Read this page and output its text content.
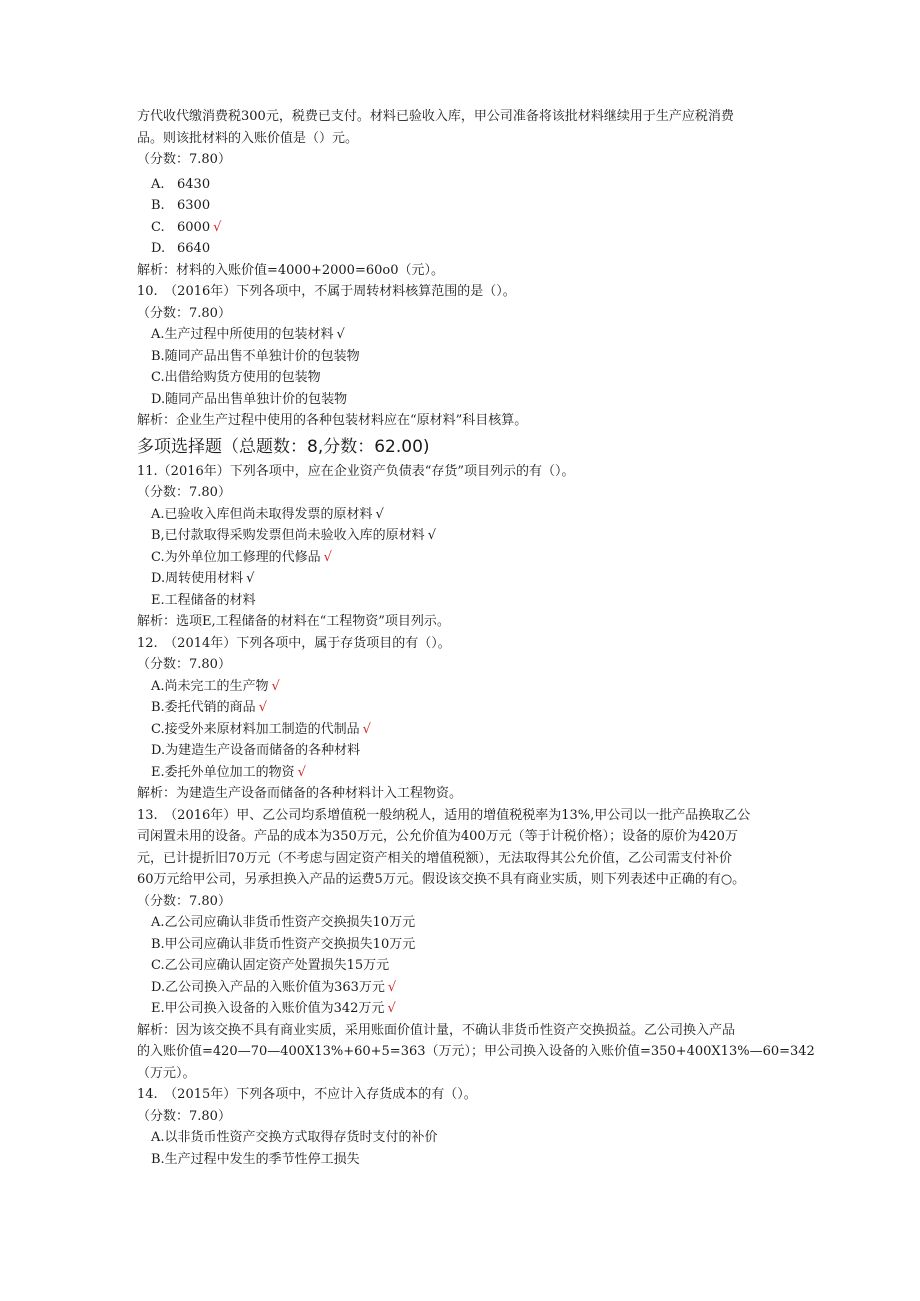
方代收代缴消费税300元，税费已支付。材料已验收入库，甲公司准备将该批材料继续用于生产应税消费
品。则该批材料的入账价值是（）元。
（分数：7.80）
A. 6430
B. 6300
C. 6000 √
D. 6640
解析：材料的入账价值=4000+2000=60o0（元）。
10.　（2016年）下列各项中，不属于周转材料核算范围的是（）。
（分数：7.80）
A.生产过程中所使用的包装材料 √
B.随同产品出售不单独计价的包装物
C.出借给购货方使用的包装物
D.随同产品出售单独计价的包装物
解析：企业生产过程中使用的各种包装材料应在“原材料”科目核算。
多项选择题（总题数：8,分数：62.00)
11.（2016年）下列各项中，应在企业资产负债表“存货”项目列示的有（）。
（分数：7.80）
A.已验收入库但尚未取得发票的原材料 √
B,已付款取得采购发票但尚未验收入库的原材料 √
C.为外单位加工修理的代修品 √
D.周转使用材料 √
E.工程储备的材料
解析：选项E,工程储备的材料在“工程物资”项目列示。
12.　（2014年）下列各项中，属于存货项目的有（）。
（分数：7.80）
A.尚未完工的生产物 √
B.委托代销的商品 √
C.接受外来原材料加工制造的代制品 √
D.为建造生产设备而储备的各种材料
E.委托外单位加工的物资 √
解析：为建造生产设备而储备的各种材料计入工程物资。
13.　（2016年）甲、乙公司均系增值税一般纳税人，适用的增值税税率为13%,甲公司以一批产品换取乙公
司闲置未用的设备。产品的成本为350万元，公允价值为400万元（等于计税价格）；设备的原价为420万
元，已计提折旧70万元（不考虑与固定资产相关的增值税额），无法取得其公允价值，乙公司需支付补价
60万元给甲公司，另承担换入产品的运费5万元。假设该交换不具有商业实质，则下列表述中正确的有○。
（分数：7.80）
A.乙公司应确认非货币性资产交换损失10万元
B.甲公司应确认非货币性资产交换损失10万元
C.乙公司应确认固定资产处置损失15万元
D.乙公司换入产品的入账价值为363万元 √
E.甲公司换入设备的入账价值为342万元 √
解析：因为该交换不具有商业实质，采用账面价值计量，不确认非货币性资产交换损益。乙公司换入产品
的入账价值=420—70—400X13%+60+5=363（万元）；甲公司换入设备的入账价值=350+400X13%—60=342
（万元）。
14.　（2015年）下列各项中，不应计入存货成本的有（）。
（分数：7.80）
A.以非货币性资产交换方式取得存货时支付的补价
B.生产过程中发生的季节性停工损失
